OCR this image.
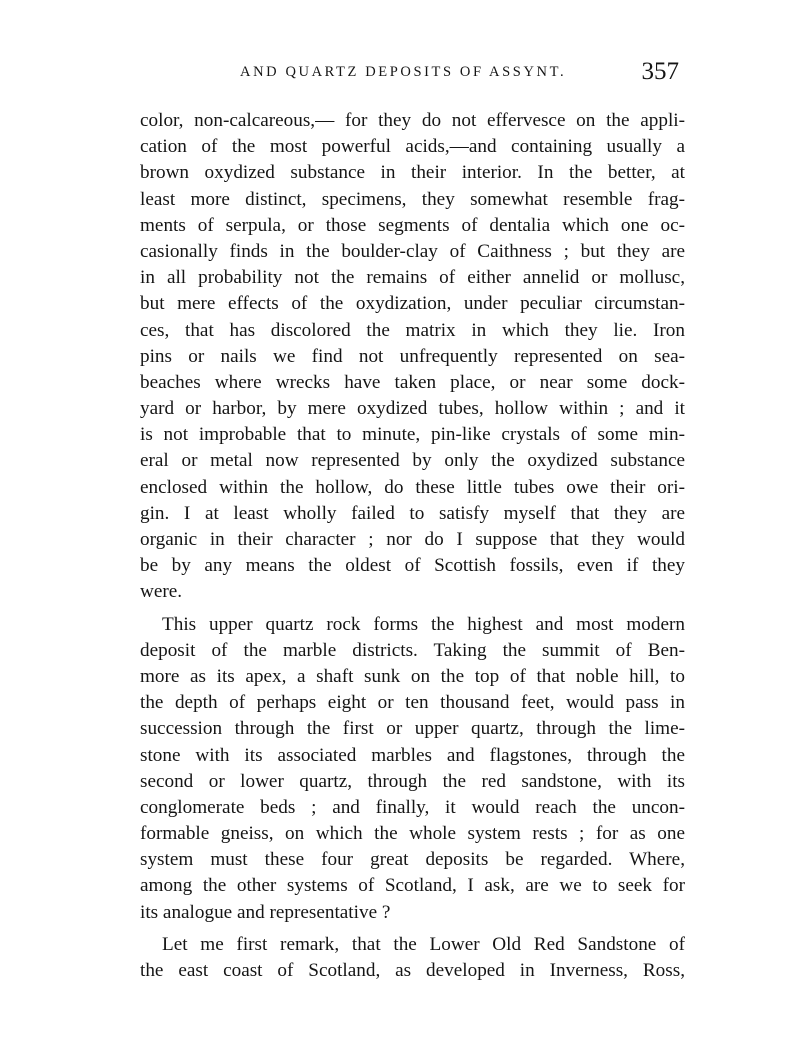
AND QUARTZ DEPOSITS OF ASSYNT.	357
color, non-calcareous,— for they do not effervesce on the appli-
cation of the most powerful acids,—and containing usually a
brown oxydized substance in their interior. In the better, at
least more distinct, specimens, they somewhat resemble frag-
ments of serpula, or those segments of dentalia which one oc-
casionally finds in the boulder-clay of Caithness ; but they are
in all probability not the remains of either annelid or mollusc,
but mere effects of the oxydization, under peculiar circumstan-
ces, that has discolored the matrix in which they lie. Iron
pins or nails we find not unfrequently represented on sea-
beaches where wrecks have taken place, or near some dock-
yard or harbor, by mere oxydized tubes, hollow within ; and it
is not improbable that to minute, pin-like crystals of some min-
eral or metal now represented by only the oxydized substance
enclosed within the hollow, do these little tubes owe their ori-
gin. I at least wholly failed to satisfy myself that they are
organic in their character ; nor do I suppose that they would
be by any means the oldest of Scottish fossils, even if they
were.
This upper quartz rock forms the highest and most modern
deposit of the marble districts. Taking the summit of Ben-
more as its apex, a shaft sunk on the top of that noble hill, to
the depth of perhaps eight or ten thousand feet, would pass in
succession through the first or upper quartz, through the lime-
stone with its associated marbles and flagstones, through the
second or lower quartz, through the red sandstone, with its
conglomerate beds ; and finally, it would reach the uncon-
formable gneiss, on which the whole system rests ; for as one
system must these four great deposits be regarded. Where,
among the other systems of Scotland, I ask, are we to seek for
its analogue and representative ?
Let me first remark, that the Lower Old Red Sandstone of
the east coast of Scotland, as developed in Inverness, Ross,
